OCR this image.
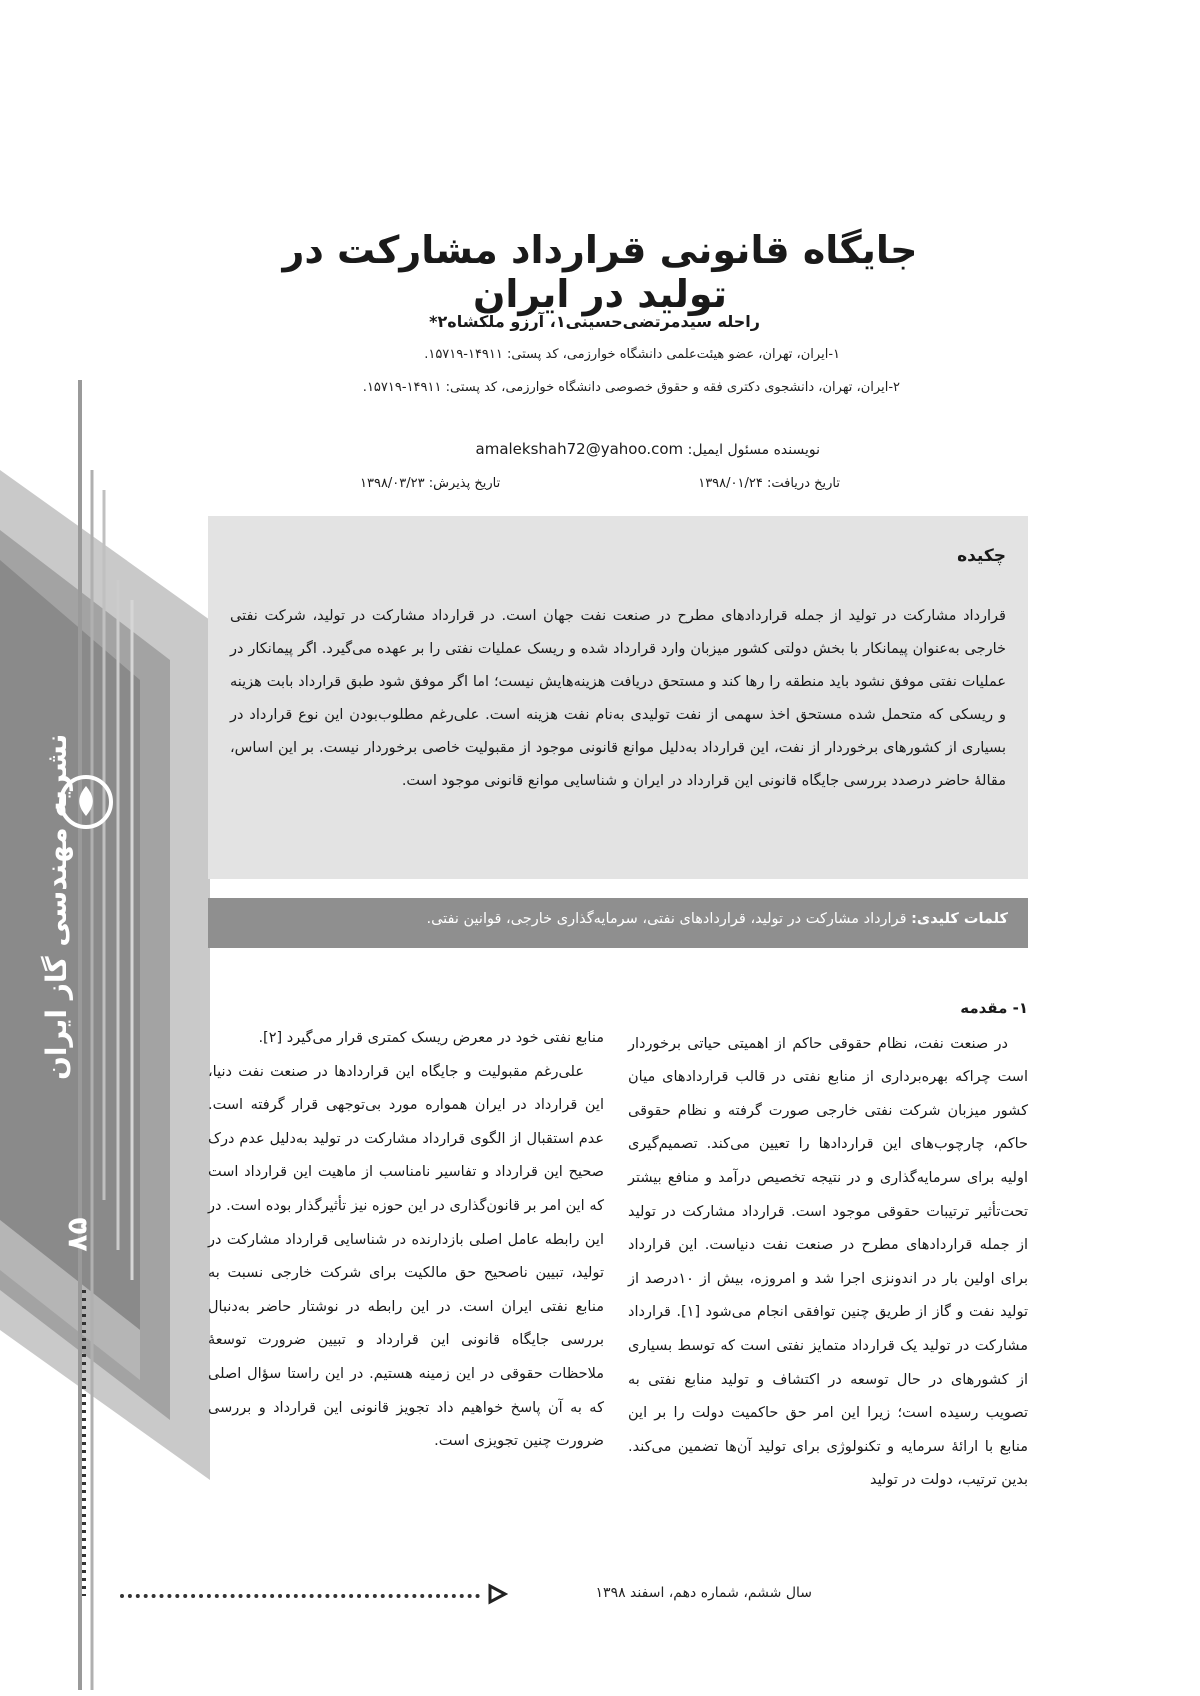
نشریه مهندسی گاز ایران
۸۵
جایگاه قانونی قرارداد مشارکت در تولید در ایران
راحله سیدمرتضی‌حسینی۱، آرزو ملکشاه۲*
۱-ایران، تهران، عضو هیئت‌علمی دانشگاه خوارزمی، کد پستی: ۱۴۹۱۱-۱۵۷۱۹.
۲-ایران، تهران، دانشجوی دکتری فقه و حقوق خصوصی دانشگاه خوارزمی، کد پستی: ۱۴۹۱۱-۱۵۷۱۹.
نویسنده مسئول ایمیل: amalekshah72@yahoo.com
تاریخ دریافت: ۱۳۹۸/۰۱/۲۴
تاریخ پذیرش: ۱۳۹۸/۰۳/۲۳
چکیده
قرارداد مشارکت در تولید از جمله قراردادهای مطرح در صنعت نفت جهان است. در قرارداد مشارکت در تولید، شرکت نفتی خارجی به‌عنوان پیمانکار با بخش دولتی کشور میزبان وارد قرارداد شده و ریسک عملیات نفتی را بر عهده می‌گیرد. اگر پیمانکار در عملیات نفتی موفق نشود باید منطقه را رها کند و مستحق دریافت هزینه‌هایش نیست؛ اما اگر موفق شود طبق قرارداد بابت هزینه و ریسکی که متحمل شده مستحق اخذ سهمی از نفت تولیدی به‌نام نفت هزینه است. علی‌رغم مطلوب‌بودن این نوع قرارداد در بسیاری از کشورهای برخوردار از نفت، این قرارداد به‌دلیل موانع قانونی موجود از مقبولیت خاصی برخوردار نیست. بر این اساس، مقالهٔ حاضر درصدد بررسی جایگاه قانونی این قرارداد در ایران و شناسایی موانع قانونی موجود است.
کلمات کلیدی: قرارداد مشارکت در تولید، قراردادهای نفتی، سرمایه‌گذاری خارجی، قوانین نفتی.
۱- مقدمه

در صنعت نفت، نظام حقوقی حاکم از اهمیتی حیاتی برخوردار است چراکه بهره‌برداری از منابع نفتی در قالب قراردادهای میان کشور میزبان شرکت نفتی خارجی صورت گرفته و نظام حقوقی حاکم، چارچوب‌های این قراردادها را تعیین می‌کند. تصمیم‌گیری اولیه برای سرمایه‌گذاری و در نتیجه تخصیص درآمد و منافع بیشتر تحت‌تأثیر ترتیبات حقوقی موجود است. قرارداد مشارکت در تولید از جمله قراردادهای مطرح در صنعت نفت دنیاست. این قرارداد برای اولین بار در اندونزی اجرا شد و امروزه، بیش از ۱۰درصد از تولید نفت و گاز از طریق چنین توافقی انجام می‌شود [۱]. قرارداد مشارکت در تولید یک قرارداد متمایز نفتی است که توسط بسیاری از کشورهای در حال توسعه در اکتشاف و تولید منابع نفتی به تصویب رسیده است؛ زیرا این امر حق حاکمیت دولت را بر این منابع با ارائهٔ سرمایه و تکنولوژی برای تولید آن‌ها تضمین می‌کند. بدین ترتیب، دولت در تولید

منابع نفتی خود در معرض ریسک کمتری قرار می‌گیرد [۲].

علی‌رغم مقبولیت و جایگاه این قراردادها در صنعت نفت دنیا، این قرارداد در ایران همواره مورد بی‌توجهی قرار گرفته است. عدم استقبال از الگوی قرارداد مشارکت در تولید به‌دلیل عدم درک صحیح این قرارداد و تفاسیر نامناسب از ماهیت این قرارداد است که این امر بر قانون‌گذاری در این حوزه نیز تأثیرگذار بوده است. در این رابطه عامل اصلی بازدارنده در شناسایی قرارداد مشارکت در تولید، تبیین ناصحیح حق مالکیت برای شرکت خارجی نسبت به منابع نفتی ایران است. در این رابطه در نوشتار حاضر به‌دنبال بررسی جایگاه قانونی این قرارداد و تبیین ضرورت توسعهٔ ملاحظات حقوقی در این زمینه هستیم. در این راستا سؤال اصلی که به آن پاسخ خواهیم داد تجویز قانونی این قرارداد و بررسی ضرورت چنین تجویزی است.

سال ششم، شماره دهم، اسفند ۱۳۹۸
